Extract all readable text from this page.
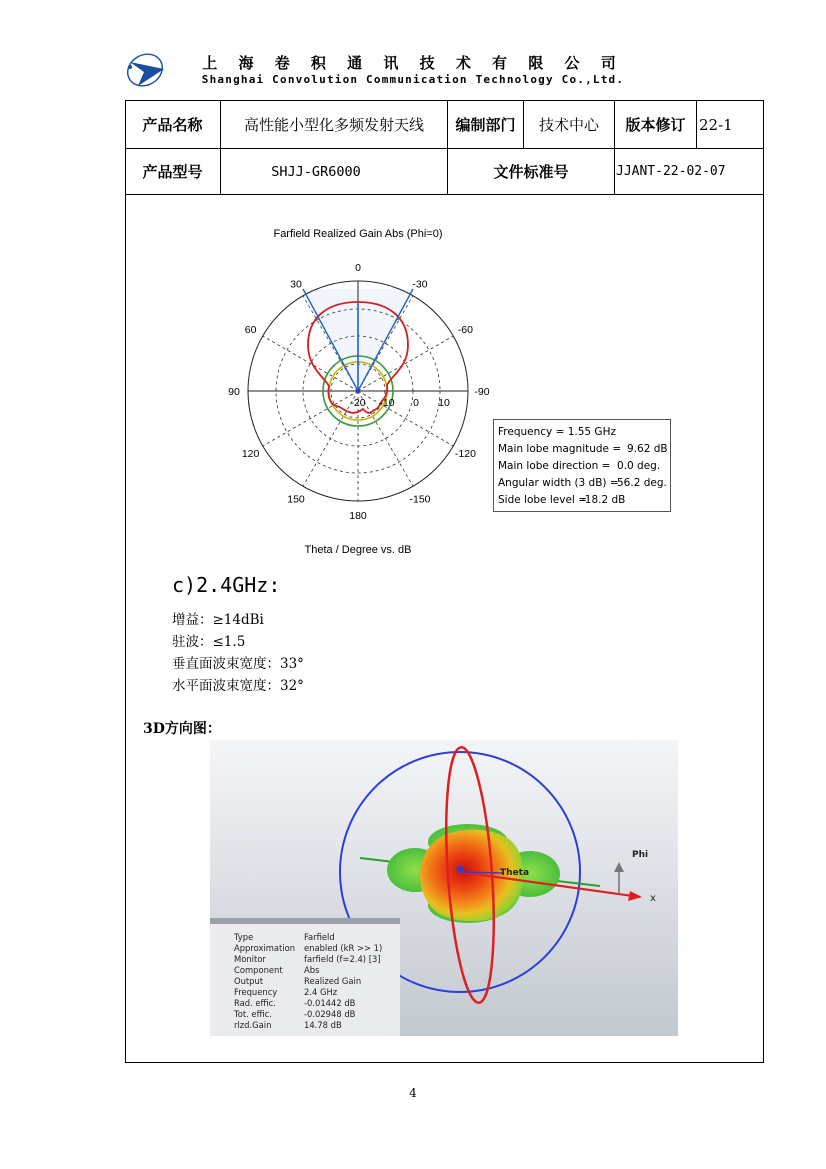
上 海 卷 积 通 讯 技 术 有 限 公 司
Shanghai Convolution Communication Technology Co.,Ltd.
产品名称	高性能小型化多频发射天线	编制部门	技术中心	版本修订 22-1
产品型号	SHJJ-GR6000	文件标准号	JJANT-22-02-07
Farfield Realized Gain Abs (Phi=0)
0
-30
-60
-90
-120
-150
180
150
120
90
60
30
-20 -10 0 10
Theta / Degree vs. dB
Frequency = 1.55 GHz
Main lobe magnitude = 9.62 dB
Main lobe direction = 0.0 deg.
Angular width (3 dB) =
56.2 deg.
Side lobe level =
-18.2 dB
c)2.4GHz:
增益：≥14dBi
驻波：≤1.5
垂直面波束宽度：33°
水平面波束宽度：32°
3D方向图：
x
Phi
Theta
Type	Farfield
Approximation enabled (kR >> 1)
Monitor	farfield (f=2.4) [3]
Component	Abs
Output	Realized Gain
Frequency	2.4 GHz
Rad. effic.	-0.01442 dB
Tot. effic.	-0.02948 dB
rlzd.Gain	14.78 dB
4
